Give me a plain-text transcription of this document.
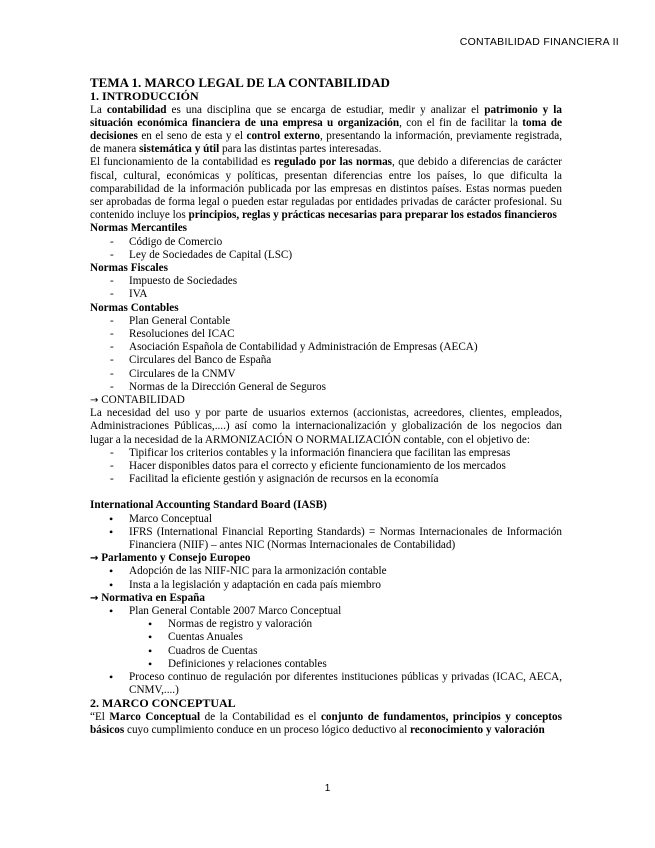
CONTABILIDAD FINANCIERA II
TEMA 1. MARCO LEGAL DE LA CONTABILIDAD
1. INTRODUCCIÓN

La contabilidad es una disciplina que se encarga de estudiar, medir y analizar el patrimonio y la situación económica financiera de una empresa u organización, con el fin de facilitar la toma de decisiones en el seno de esta y el control externo, presentando la información, previamente registrada, de manera sistemática y útil para las distintas partes interesadas.

El funcionamiento de la contabilidad es regulado por las normas, que debido a diferencias de carácter fiscal, cultural, económicas y políticas, presentan diferencias entre los países, lo que dificulta la comparabilidad de la información publicada por las empresas en distintos países. Estas normas pueden ser aprobadas de forma legal o pueden estar reguladas por entidades privadas de carácter profesional. Su contenido incluye los principios, reglas y prácticas necesarias para preparar los estados financieros

Normas Mercantiles
- Código de Comercio
- Ley de Sociedades de Capital (LSC)
Normas Fiscales
- Impuesto de Sociedades
- IVA
Normas Contables
- Plan General Contable
- Resoluciones del ICAC
- Asociación Española de Contabilidad y Administración de Empresas (AECA)
- Circulares del Banco de España
- Circulares de la CNMV
- Normas de la Dirección General de Seguros
→ CONTABILIDAD

La necesidad del uso y por parte de usuarios externos (accionistas, acreedores, clientes, empleados, Administraciones Públicas,....) así como la internacionalización y globalización de los negocios dan lugar a la necesidad de la ARMONIZACIÓN O NORMALIZACIÓN contable, con el objetivo de:

- Tipificar los criterios contables y la información financiera que facilitan las empresas
- Hacer disponibles datos para el correcto y eficiente funcionamiento de los mercados
- Facilitad la eficiente gestión y asignación de recursos en la economía
International Accounting Standard Board (IASB)
• Marco Conceptual
• IFRS (International Financial Reporting Standards) = Normas Internacionales de Información Financiera (NIIF) – antes NIC (Normas Internacionales de Contabilidad)
→ Parlamento y Consejo Europeo
• Adopción de las NIIF-NIC para la armonización contable
• Insta a la legislación y adaptación en cada país miembro
→ Normativa en España
• Plan General Contable 2007 Marco Conceptual
• Normas de registro y valoración
• Cuentas Anuales
• Cuadros de Cuentas
• Definiciones y relaciones contables
• Proceso continuo de regulación por diferentes instituciones públicas y privadas (ICAC, AECA, CNMV,....)
2. MARCO CONCEPTUAL

“El Marco Conceptual de la Contabilidad es el conjunto de fundamentos, principios y conceptos básicos cuyo cumplimiento conduce en un proceso lógico deductivo al reconocimiento y valoración

1
